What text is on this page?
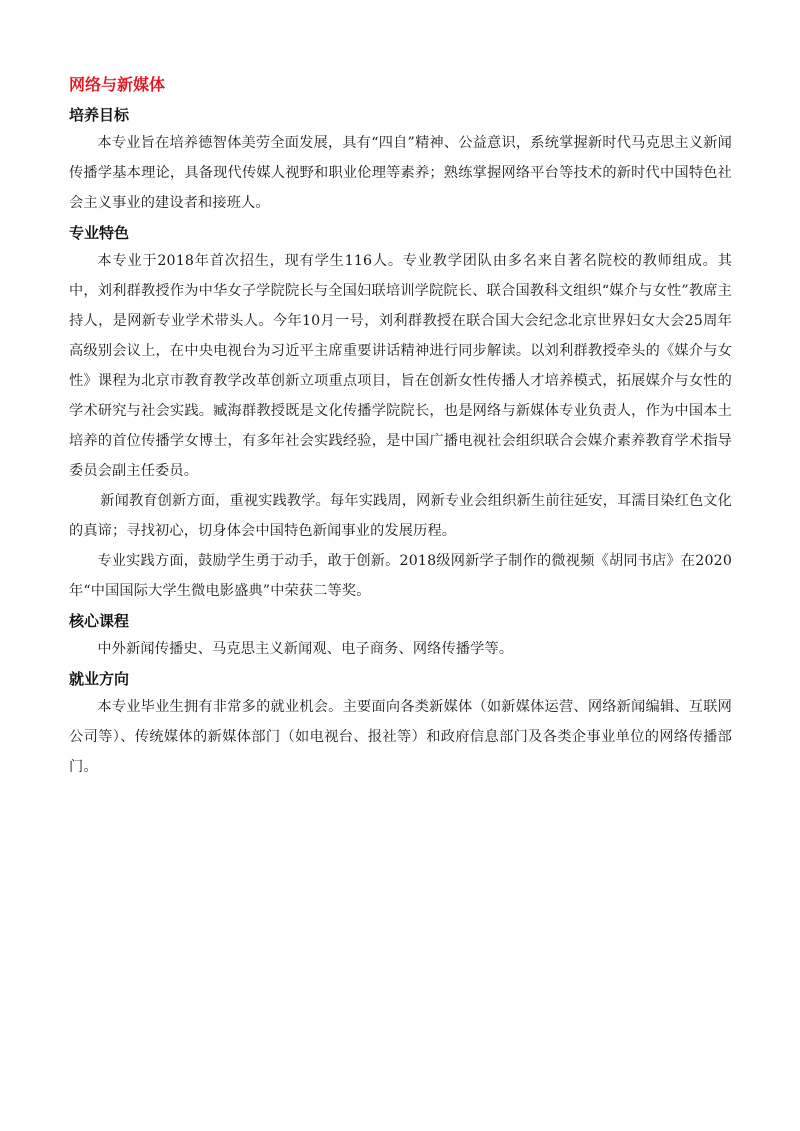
网络与新媒体
培养目标

本专业旨在培养德智体美劳全面发展，具有“四自”精神、公益意识，系统掌握新时代马克思主义新闻传播学基本理论，具备现代传媒人视野和职业伦理等素养；熟练掌握网络平台等技术的新时代中国特色社会主义事业的建设者和接班人。

专业特色

本专业于2018年首次招生，现有学生116人。专业教学团队由多名来自著名院校的教师组成。其中，刘利群教授作为中华女子学院院长与全国妇联培训学院院长、联合国教科文组织“媒介与女性”教席主持人，是网新专业学术带头人。今年10月一号，刘利群教授在联合国大会纪念北京世界妇女大会25周年高级别会议上，在中央电视台为习近平主席重要讲话精神进行同步解读。以刘利群教授牵头的《媒介与女性》课程为北京市教育教学改革创新立项重点项目，旨在创新女性传播人才培养模式，拓展媒介与女性的学术研究与社会实践。臧海群教授既是文化传播学院院长，也是网络与新媒体专业负责人，作为中国本土培养的首位传播学女博士，有多年社会实践经验，是中国广播电视社会组织联合会媒介素养教育学术指导委员会副主任委员。

新闻教育创新方面，重视实践教学。每年实践周，网新专业会组织新生前往延安，耳濡目染红色文化的真谛；寻找初心，切身体会中国特色新闻事业的发展历程。

专业实践方面，鼓励学生勇于动手，敢于创新。2018级网新学子制作的微视频《胡同书店》在2020年“中国国际大学生微电影盛典”中荣获二等奖。

核心课程

中外新闻传播史、马克思主义新闻观、电子商务、网络传播学等。

就业方向

本专业毕业生拥有非常多的就业机会。主要面向各类新媒体（如新媒体运营、网络新闻编辑、互联网公司等）、传统媒体的新媒体部门（如电视台、报社等）和政府信息部门及各类企事业单位的网络传播部门。
